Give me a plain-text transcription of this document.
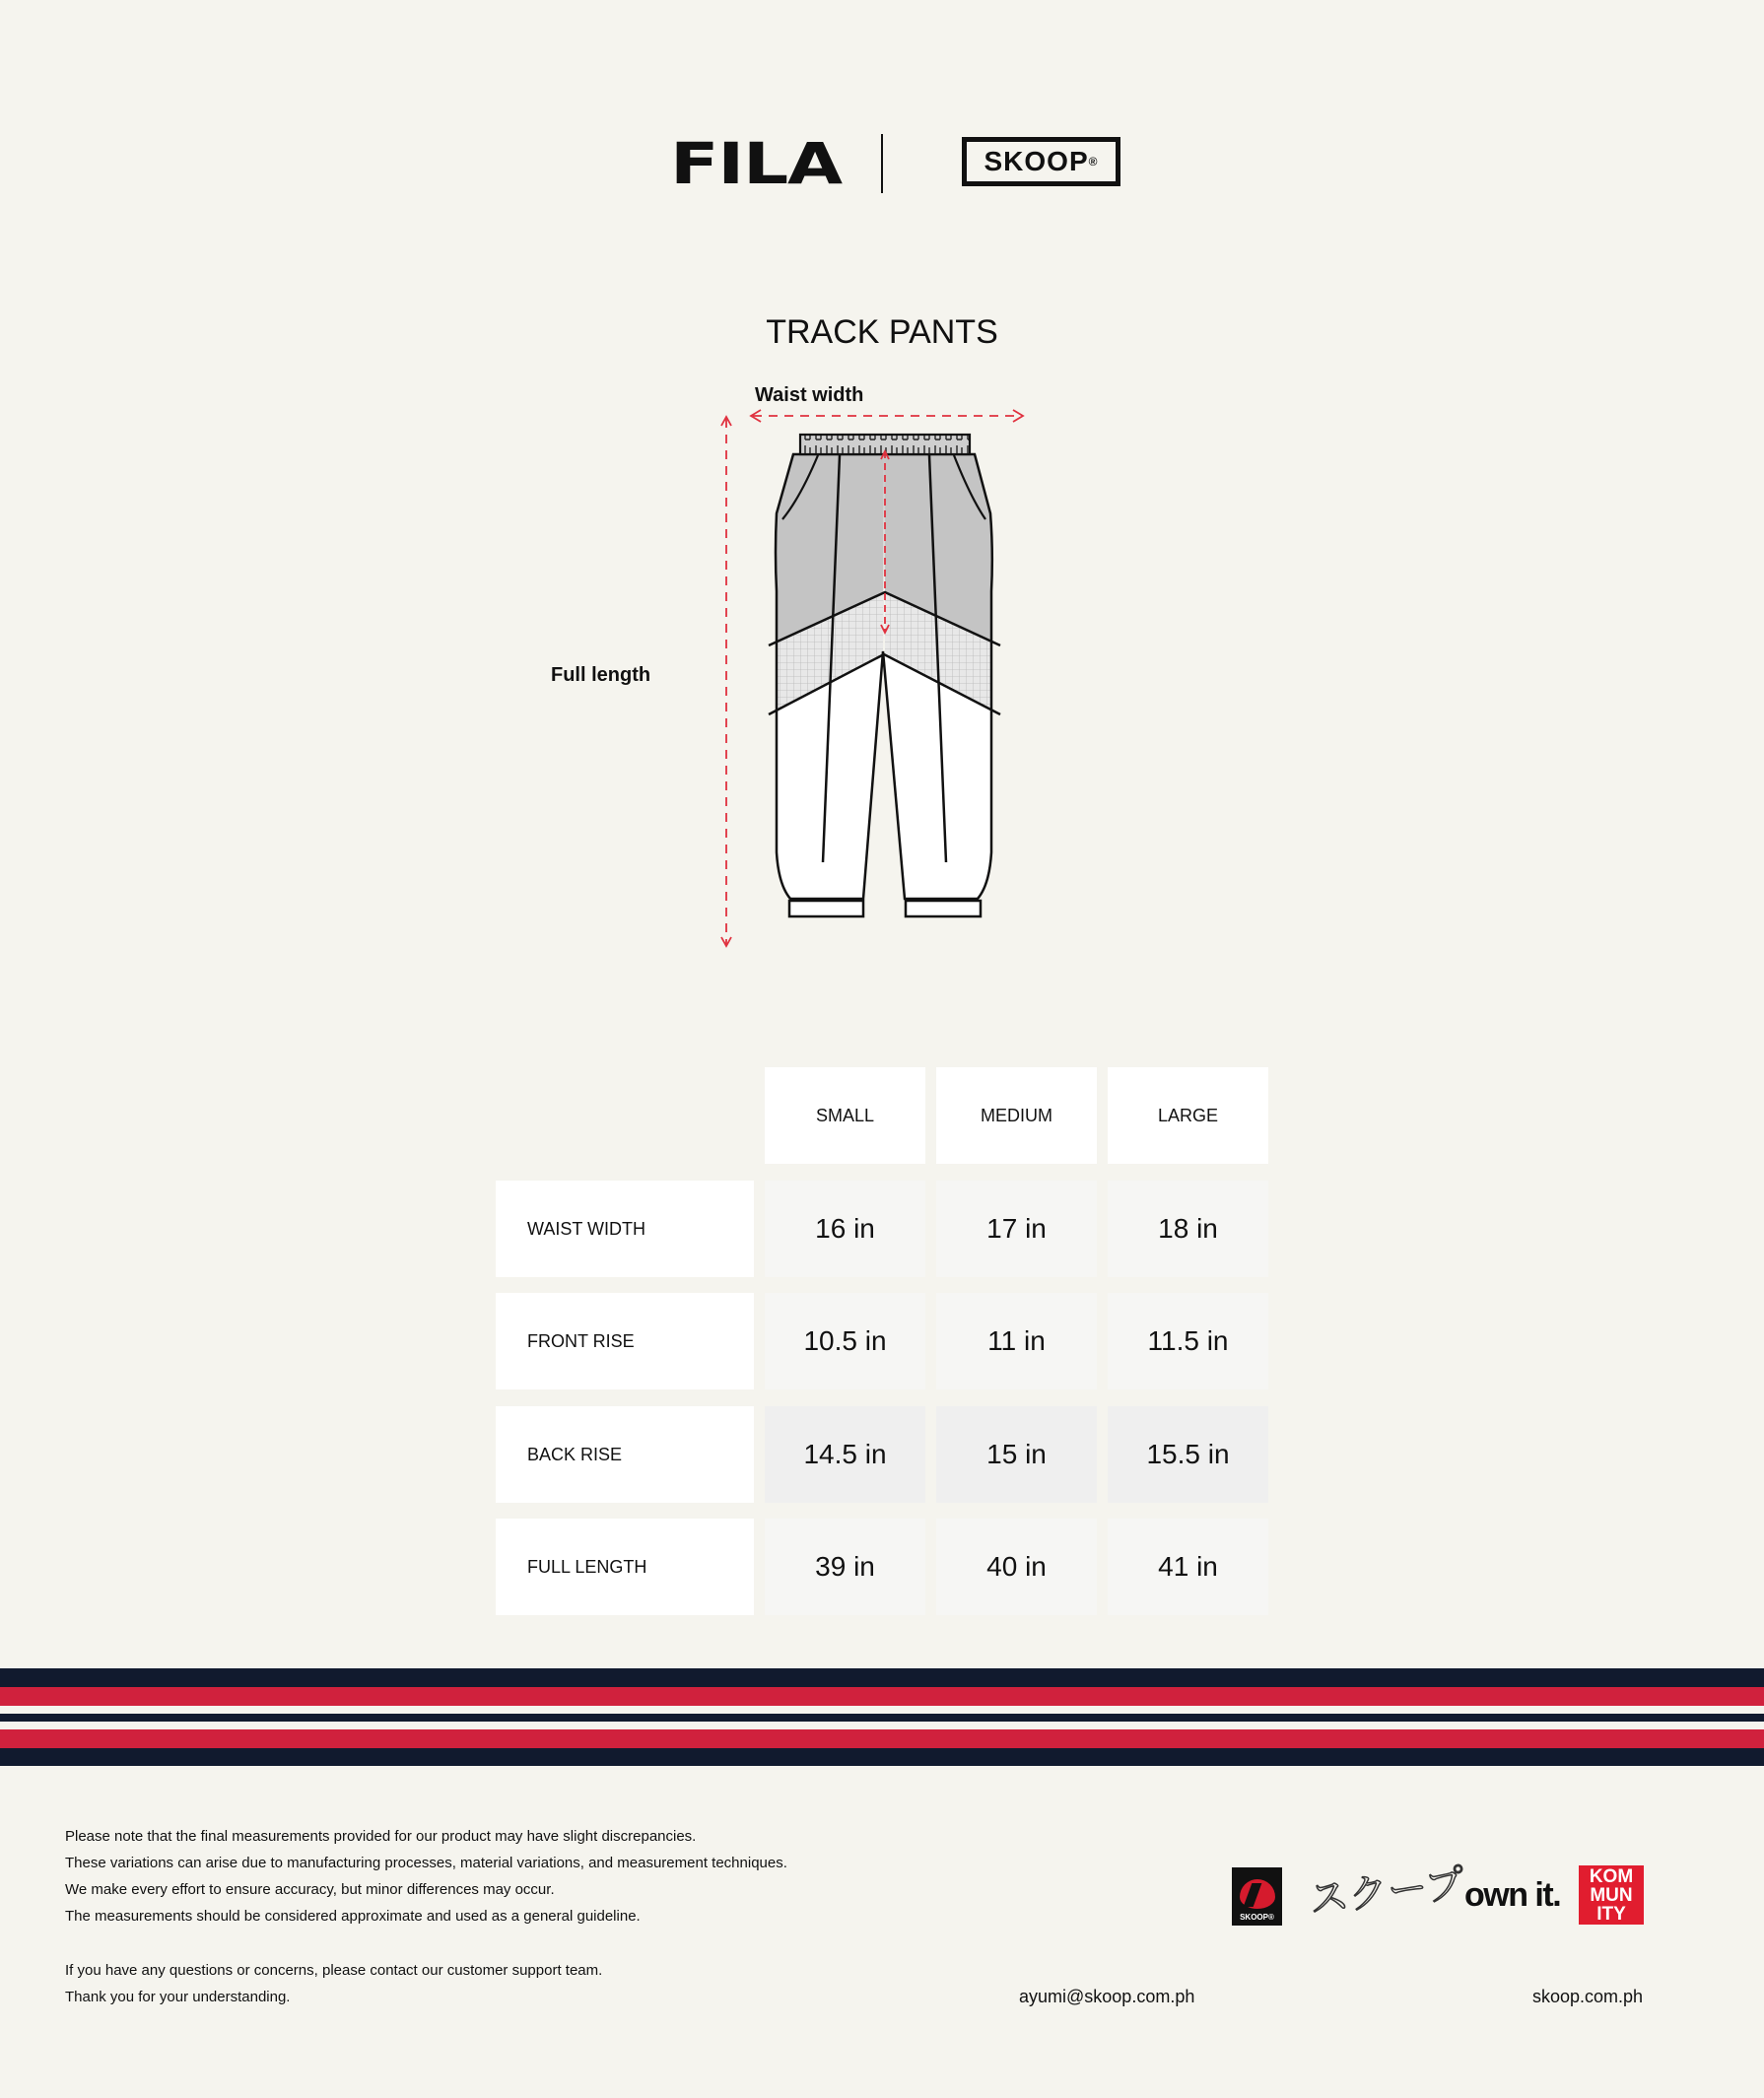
FILA	SKOOP ®
TRACK PANTS
Waist width
Full length
SMALL	MEDIUM	LARGE
WAIST WIDTH	16 in	17 in	18 in
FRONT RISE	10.5 in	11 in	11.5 in
BACK RISE	14.5 in	15 in	15.5 in
FULL LENGTH	39 in	40 in	41 in
Please note that the final measurements provided for our product may have slight discrepancies.
These variations can arise due to manufacturing processes, material variations, and measurement techniques.
We make every effort to ensure accuracy, but minor differences may occur.
The measurements should be considered approximate and used as a general guideline.
If you have any questions or concerns, please contact our customer support team.
Thank you for your understanding.	ayumi@skoop.com.ph	skoop.com.ph
SKOOP® スクープ
own it.	KOM
MUN
ITY
